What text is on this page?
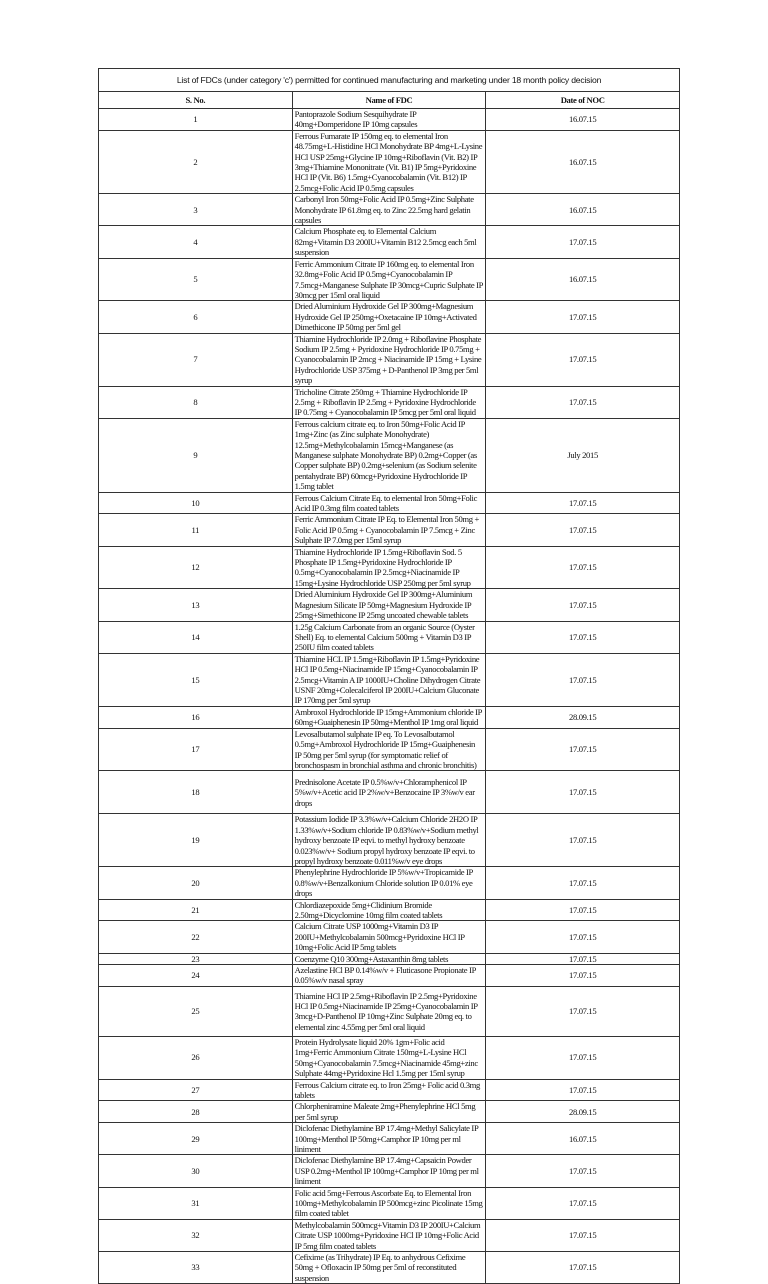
List of FDCs (under category 'c') permitted for continued manufacturing and marketing under 18 month policy decision		
S. No.	Name of FDC	Date of NOC
1	Pantoprazole Sodium Sesquihydrate IP 40mg+Domperidone IP 10mg capsules	16.07.15
2	Ferrous Fumarate IP 150mg eq. to elemental Iron 48.75mg+L-Histidine HCl Monohydrate BP 4mg+L-Lysine HCl USP 25mg+Glycine IP 10mg+Riboflavin (Vit. B2) IP 3mg+Thiamine Mononitrate (Vit. B1) IP 5mg+Pyridoxine HCl IP (Vit. B6) 1.5mg+Cyanocobalamin (Vit. B12) IP 2.5mcg+Folic Acid IP 0.5mg capsules	16.07.15
3	Carbonyl Iron 50mg+Folic Acid IP 0.5mg+Zinc Sulphate Monohydrate IP 61.8mg eq. to Zinc 22.5mg hard gelatin capsules	16.07.15
4	Calcium Phosphate eq. to Elemental Calcium 82mg+Vitamin D3 200IU+Vitamin B12 2.5mcg each 5ml suspension	17.07.15
5	Ferric Ammonium Citrate IP 160mg eq. to elemental Iron 32.8mg+Folic Acid IP 0.5mg+Cyanocobalamin IP 7.5mcg+Manganese Sulphate IP 30mcg+Cupric Sulphate IP 30mcg per 15ml oral liquid	16.07.15
6	Dried Aluminium Hydroxide Gel IP 300mg+Magnesium Hydroxide Gel IP 250mg+Oxetacaine IP 10mg+Activated Dimethicone IP 50mg per 5ml gel	17.07.15
7	Thiamine Hydrochloride IP 2.0mg + Riboflavine Phosphate Sodium IP 2.5mg + Pyridoxine Hydrochloride IP 0.75mg + Cyanocobalamin IP 2mcg + Niacinamide IP 15mg + Lysine Hydrochloride USP 375mg + D-Panthenol IP 3mg per 5ml syrup	17.07.15
8	Tricholine Citrate 250mg + Thiamine Hydrochloride IP 2.5mg + Riboflavin IP 2.5mg + Pyridoxine Hydrochloride IP 0.75mg + Cyanocobalamin IP 5mcg per 5ml oral liquid	17.07.15
9	Ferrous calcium citrate eq. to Iron 50mg+Folic Acid IP 1mg+Zinc (as Zinc sulphate Monohydrate) 12.5mg+Methylcobalamin 15mcg+Manganese (as Manganese sulphate Monohydrate BP) 0.2mg+Copper (as Copper sulphate BP) 0.2mg+selenium (as Sodium selenite pentahydrate BP) 60mcg+Pyridoxine Hydrochloride IP 1.5mg tablet	July 2015
10	Ferrous Calcium Citrate Eq. to elemental Iron 50mg+Folic Acid IP 0.3mg film coated tablets	17.07.15
11	Ferric Ammonium Citrate IP Eq. to Elemental Iron 50mg + Folic Acid IP 0.5mg + Cyanocobalamin IP 7.5mcg + Zinc Sulphate IP 7.0mg per 15ml syrup	17.07.15
12	Thiamine Hydrochloride IP 1.5mg+Riboflavin Sod. 5 Phosphate IP 1.5mg+Pyridoxine Hydrochloride IP 0.5mg+Cyanocobalamin IP 2.5mcg+Niacinamide IP 15mg+Lysine Hydrochloride USP 250mg per 5ml syrup	17.07.15
13	Dried Aluminium Hydroxide Gel IP 300mg+Aluminium Magnesium Silicate IP 50mg+Magnesium Hydroxide IP 25mg+Simethicone IP 25mg uncoated chewable tablets	17.07.15
14	1.25g Calcium Carbonate from an organic Source (Oyster Shell) Eq. to elemental Calcium 500mg + Vitamin D3 IP 250IU film coated tablets	17.07.15
15	Thiamine HCL IP 1.5mg+Riboflavin IP 1.5mg+Pyridoxine HCl IP 0.5mg+Niacinamide IP 15mg+Cyanocobalamin IP 2.5mcg+Vitamin A IP 1000IU+Choline Dihydrogen Citrate USNF 20mg+Colecalciferol IP 200IU+Calcium Gluconate IP 170mg per 5ml syrup	17.07.15
16	Ambroxol Hydrochloride IP 15mg+Ammonium chloride IP 60mg+Guaiphenesin IP 50mg+Menthol IP 1mg oral liquid	28.09.15
17	Levosalbutamol sulphate IP eq. To Levosalbutamol 0.5mg+Ambroxol Hydrochloride IP 15mg+Guaiphenesin IP 50mg per 5ml syrup (for symptomatic relief of bronchospasm in bronchial asthma and chronic bronchitis)	17.07.15
18	Prednisolone Acetate IP 0.5%w/v+Chloramphenicol IP 5%w/v+Acetic acid IP 2%w/v+Benzocaine IP 3%w/v ear drops	17.07.15
19	Potassium Iodide IP 3.3%w/v+Calcium Chloride 2H2O IP 1.33%w/v+Sodium chloride IP 0.83%w/v+Sodium methyl hydroxy benzoate IP eqvi. to methyl hydroxy benzoate 0.023%w/v+ Sodium propyl hydroxy benzoate IP eqvi. to propyl hydroxy benzoate 0.011%w/v eye drops	17.07.15
20	Phenylephrine Hydrochloride IP 5%w/v+Tropicamide IP 0.8%w/v+Benzalkonium Chloride solution IP 0.01% eye drops	17.07.15
21	Chlordiazepoxide 5mg+Clidinium Bromide 2.50mg+Dicyclomine 10mg film coated tablets	17.07.15
22	Calcium Citrate USP 1000mg+Vitamin D3 IP 200IU+Methylcobalamin 500mcg+Pyridoxine HCl IP 10mg+Folic Acid IP 5mg tablets	17.07.15
23	Coenzyme Q10 300mg+Astaxanthin 8mg tablets	17.07.15
24	Azelastine HCl BP 0.14%w/v + Fluticasone Propionate IP 0.05%w/v nasal spray	17.07.15
25	Thiamine HCl IP 2.5mg+Riboflavin IP 2.5mg+Pyridoxine HCl IP 0.5mg+Niacinamide IP 25mg+Cyanocobalamin IP 3mcg+D-Panthenol IP 10mg+Zinc Sulphate 20mg eq. to elemental zinc 4.55mg per 5ml oral liquid	17.07.15
26	Protein Hydrolysate liquid 20% 1gm+Folic acid 1mg+Ferric Ammonium Citrate 150mg+L-Lysine HCl 50mg+Cyanocobalamin 7.5mcg+Niacinamide 45mg+zinc Sulphate 44mg+Pyridoxine Hcl 1.5mg per 15ml syrup	17.07.15
27	Ferrous Calcium citrate eq. to Iron 25mg+ Folic acid 0.3mg tablets	17.07.15
28	Chlorpheniramine Maleate 2mg+Phenylephrine HCl 5mg per 5ml syrup	28.09.15
29	Diclofenac Diethylamine BP 17.4mg+Methyl Salicylate IP 100mg+Menthol IP 50mg+Camphor IP 10mg per ml liniment	16.07.15
30	Diclofenac Diethylamine BP 17.4mg+Capsaicin Powder USP 0.2mg+Menthol IP 100mg+Camphor IP 10mg per ml liniment	17.07.15
31	Folic acid 5mg+Ferrous Ascorbate Eq. to Elemental Iron 100mg+Methylcobalamin IP 500mcg+zinc Picolinate 15mg film coated tablet	17.07.15
32	Methylcobalamin 500mcg+Vitamin D3 IP 200IU+Calcium Citrate USP 1000mg+Pyridoxine HCl IP 10mg+Folic Acid IP 5mg film coated tablets	17.07.15
33	Cefixime (as Trihydrate) IP Eq. to anhydrous Cefixime 50mg + Ofloxacin IP 50mg per 5ml of reconstituted suspension	17.07.15
